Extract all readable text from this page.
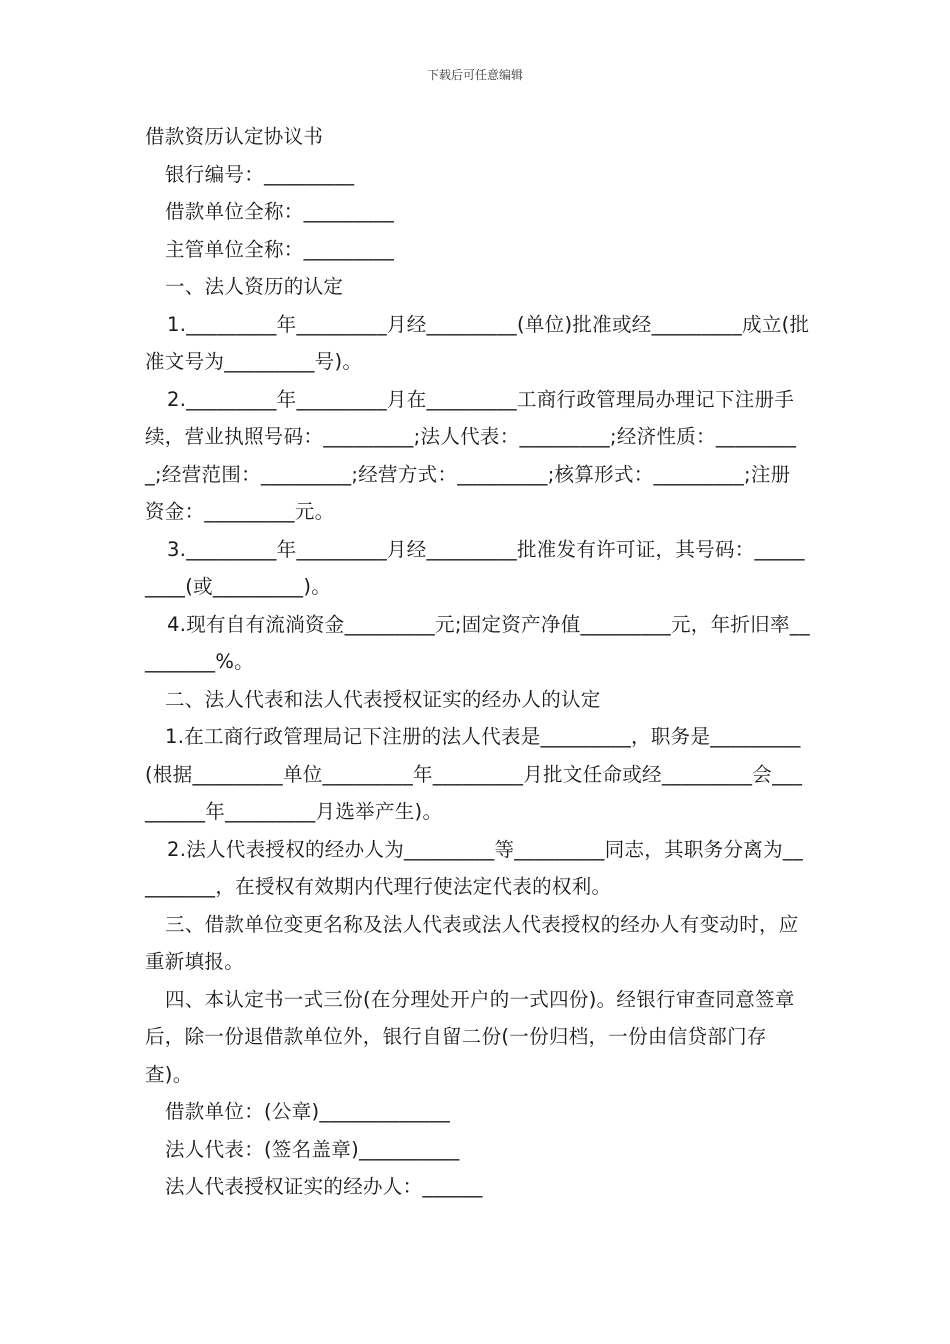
下载后可任意编辑

借款资历认定协议书

银行编号：_________

借款单位全称：_________

主管单位全称：_________

一、法人资历的认定

1._________年_________月经_________(单位)批准或经_________成立(批准文号为_________号)。

2._________年_________月在_________工商行政管理局办理记下注册手续，营业执照号码：_________;法人代表：_________;经济性质：_________;经营范围：_________;经营方式：_________;核算形式：_________;注册资金：_________元。

3._________年_________月经_________批准发有许可证，其号码：_________(或_________)。

4.现有自有流淌资金_________元;固定资产净值_________元，年折旧率_________%。

二、法人代表和法人代表授权证实的经办人的认定

1.在工商行政管理局记下注册的法人代表是_________，职务是_________(根据_________单位_________年_________月批文任命或经_________会_________年_________月选举产生)。

2.法人代表授权的经办人为_________等_________同志，其职务分离为_________，在授权有效期内代理行使法定代表的权利。

三、借款单位变更名称及法人代表或法人代表授权的经办人有变动时，应重新填报。

四、本认定书一式三份(在分理处开户的一式四份)。经银行审查同意签章后，除一份退借款单位外，银行自留二份(一份归档，一份由信贷部门存查)。

借款单位：(公章)_____________

法人代表：(签名盖章)__________

法人代表授权证实的经办人：______
